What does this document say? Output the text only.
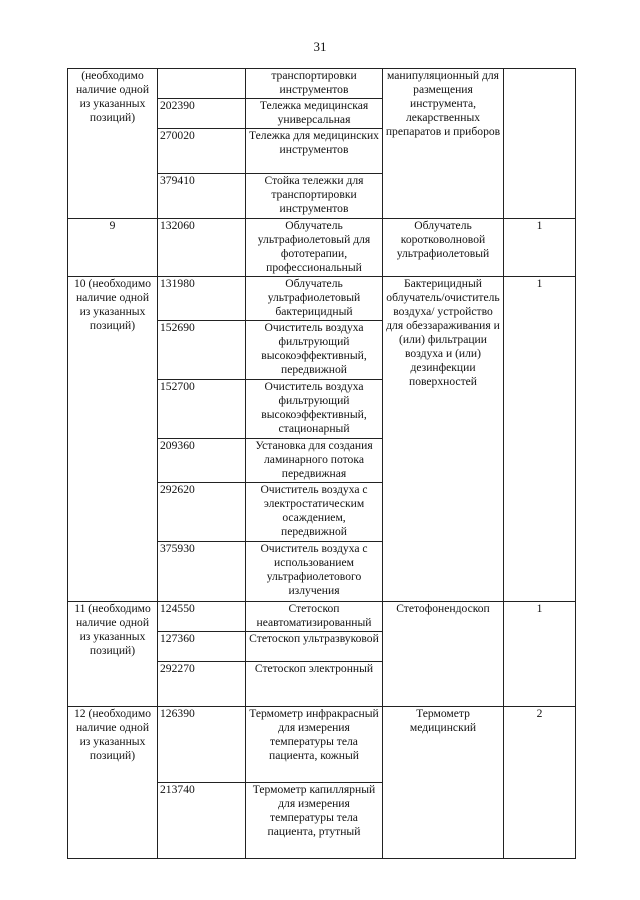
31
(необходимо наличие одной из указанных позиций)		транспортировки инструментов	манипуляционный для размещения инструмента, лекарственных препаратов и приборов	
	202390	Тележка медицинская универсальная		
	270020	Тележка для медицинских инструментов		
	379410	Стойка тележки для транспортировки инструментов		
9	132060	Облучатель ультрафиолетовый для фототерапии, профессиональный	Облучатель коротковолновой ультрафиолетовый	1
10 (необходимо наличие одной из указанных позиций)	131980	Облучатель ультрафиолетовый бактерицидный	Бактерицидный облучатель/очиститель воздуха/ устройство для обеззараживания и (или) фильтрации воздуха и (или) дезинфекции поверхностей	1
	152690	Очиститель воздуха фильтрующий высокоэффективный, передвижной		
	152700	Очиститель воздуха фильтрующий высокоэффективный, стационарный		
	209360	Установка для создания ламинарного потока передвижная		
	292620	Очиститель воздуха с электростатическим осаждением, передвижной		
	375930	Очиститель воздуха с использованием ультрафиолетового излучения		
11 (необходимо наличие одной из указанных позиций)	124550	Стетоскоп неавтоматизированный	Стетофонендоскоп	1
	127360	Стетоскоп ультразвуковой		
	292270	Стетоскоп электронный		
12 (необходимо наличие одной из указанных позиций)	126390	Термометр инфракрасный для измерения температуры тела пациента, кожный	Термометр медицинский	2
	213740	Термометр капиллярный для измерения температуры тела пациента, ртутный		
